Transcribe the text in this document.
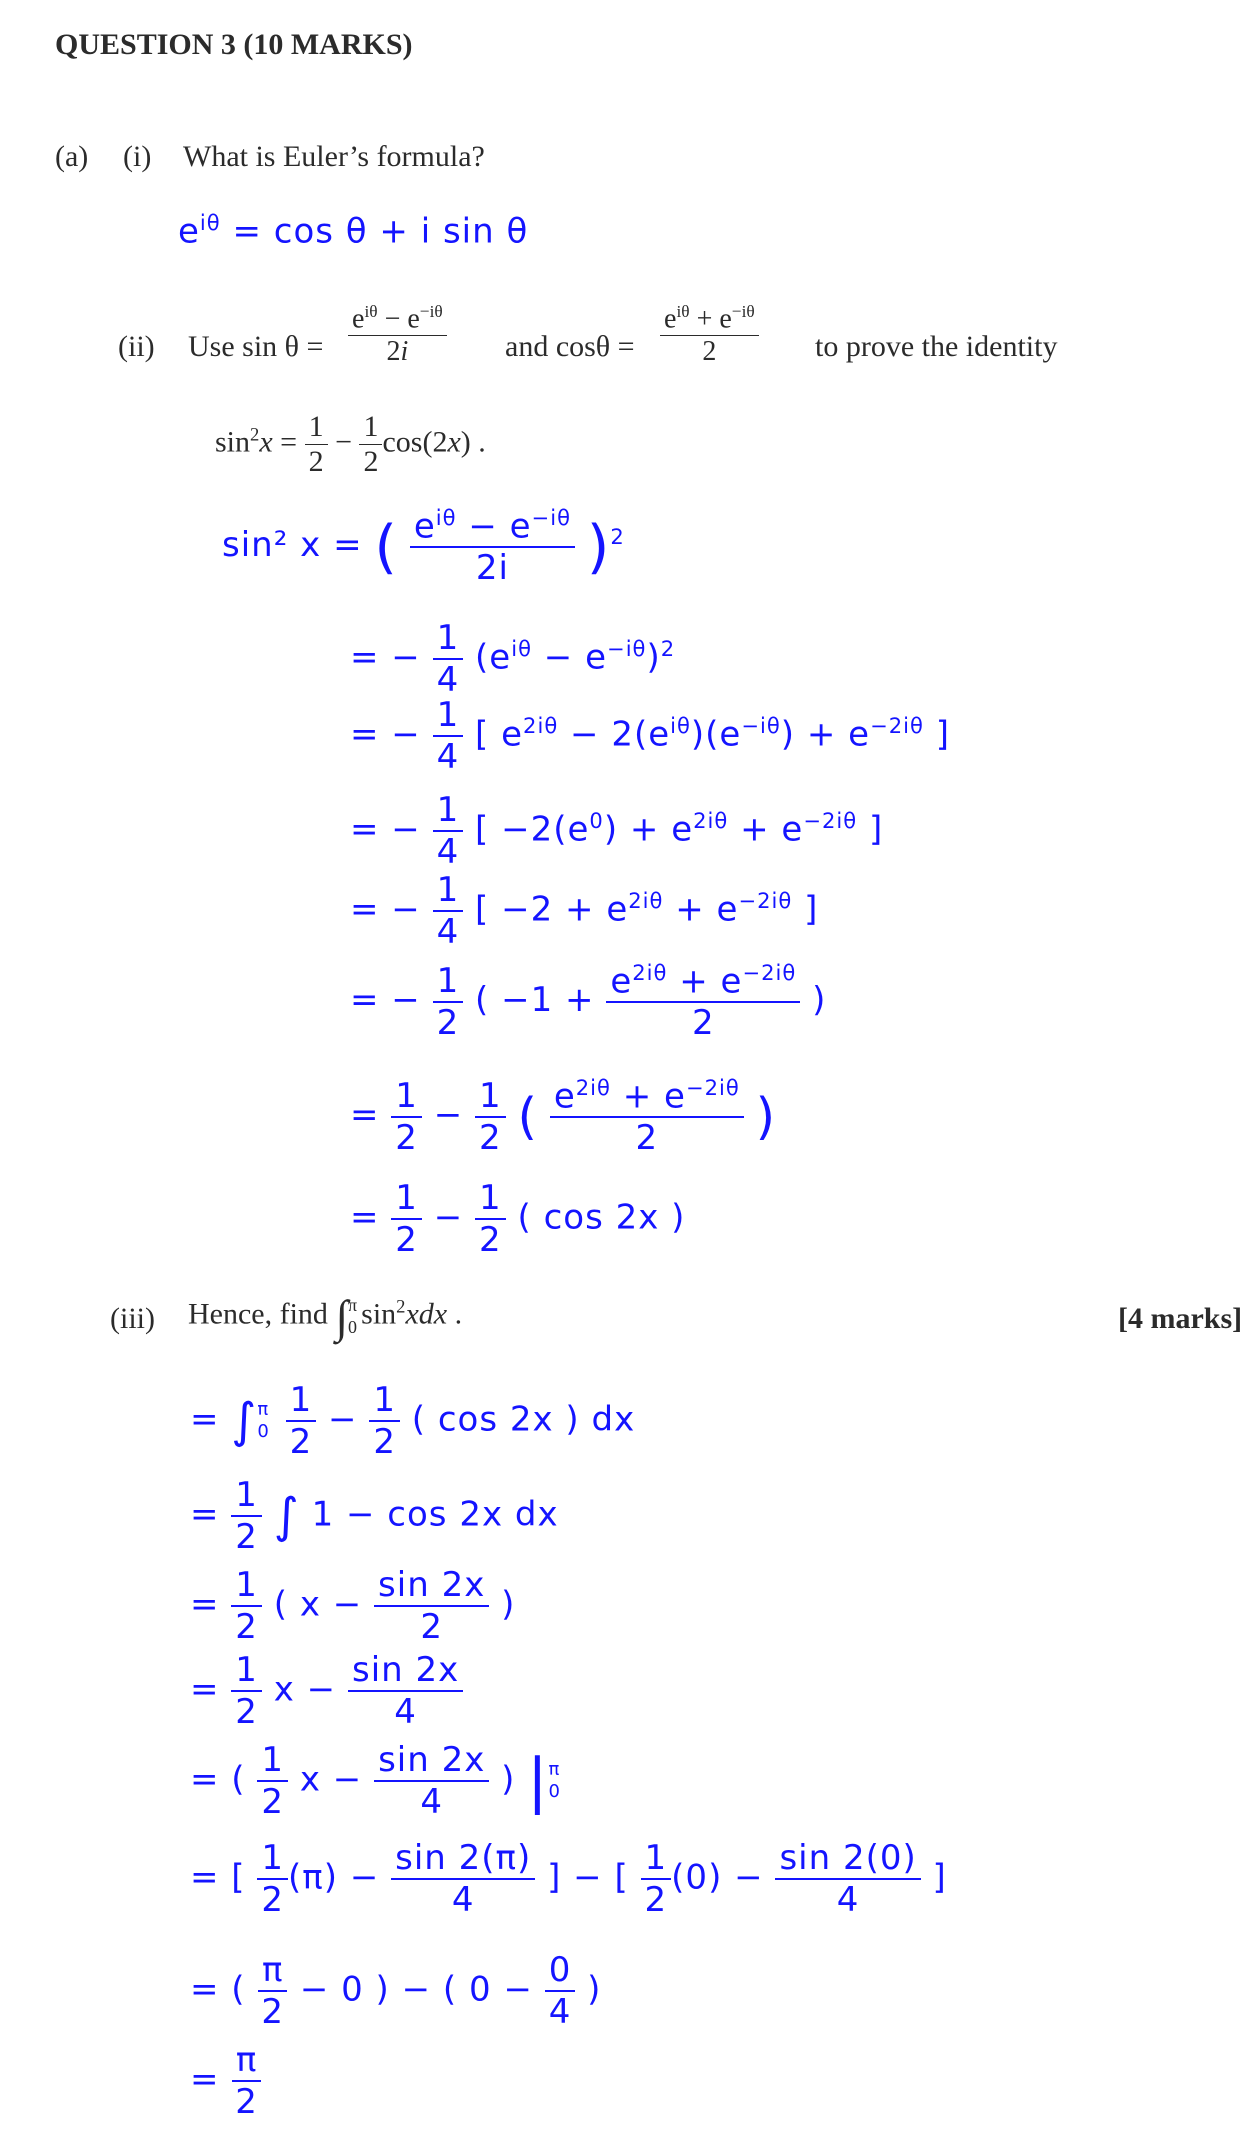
QUESTION 3 (10 MARKS)
(a) (i) What is Euler’s formula?
$e^{i\theta} = \cos \theta + i$ sin θ
(ii) Use $\sin \theta = \frac{e^{i\theta} - e^{-i\theta}}{2i}$ and $\cos\theta = \frac{e^{i\theta} + e^{-i\theta}}{2}$ to prove the identity
$\sin^2x = \frac{1}{2} - \frac{1}{2} \cos(2x)$ .
sin² x = ( $\frac{e^{i\theta} - e^{-i\theta}}{2i} )^2$
= − $\frac{1}{4} (e^{i\theta} - e^{-i\theta})^2$
= − $\frac{1}{4}$ [ $e^{2i\theta} - 2(e^{i\theta})(e^{-i\theta}) + e^{-2i\theta}$ ]
= − $\frac{1}{4}$ [ $-2(e^0) + e^{2i\theta} + e^{-2i\theta}$ ]
= − $\frac{1}{4}$ [ $-2 + e^{2i\theta} + e^{-2i\theta}$ ]
= − $\frac{1}{2}$ ( $-1 + \frac{e^{2i\theta} + e^{-2i\theta}}{2}$ )
= $\frac{1}{2} - \frac{1}{2}$ ( $\frac{e^{2i\theta} + e^{-2i\theta}}{2}$ )
= $\frac{1}{2} - \frac{1}{2}$ ( cos 2x )
(iii) Hence, find ∫ π
0 $\sin^2xdx$ .	[4 marks]
= ∫ π
0
$\frac{1}{2} - \frac{1}{2}$ ( cos 2x ) dx
= $\frac{1}{2}$ ∫ 1 − cos 2x dx
= $\frac{1}{2}$ ( $x - \frac{\sin 2x}{2}$ )
= $\frac{1}{2}$ $x - \frac{\sin 2x}{4}$
= ( $\frac{1}{2}$ $x - \frac{\sin 2x}{4}$ ) | π
0
= [ $\frac{1}{2} (\pi) - \frac{\sin 2(\pi)}{4}$ ] − [ $\frac{1}{2} (0) - \frac{\sin 2(0)}{4}$ ]
= ( $\frac{\pi}{2} - 0$ ) − ( $0 - \frac{0}{4}$ )
= $\frac{\pi}{2}$
